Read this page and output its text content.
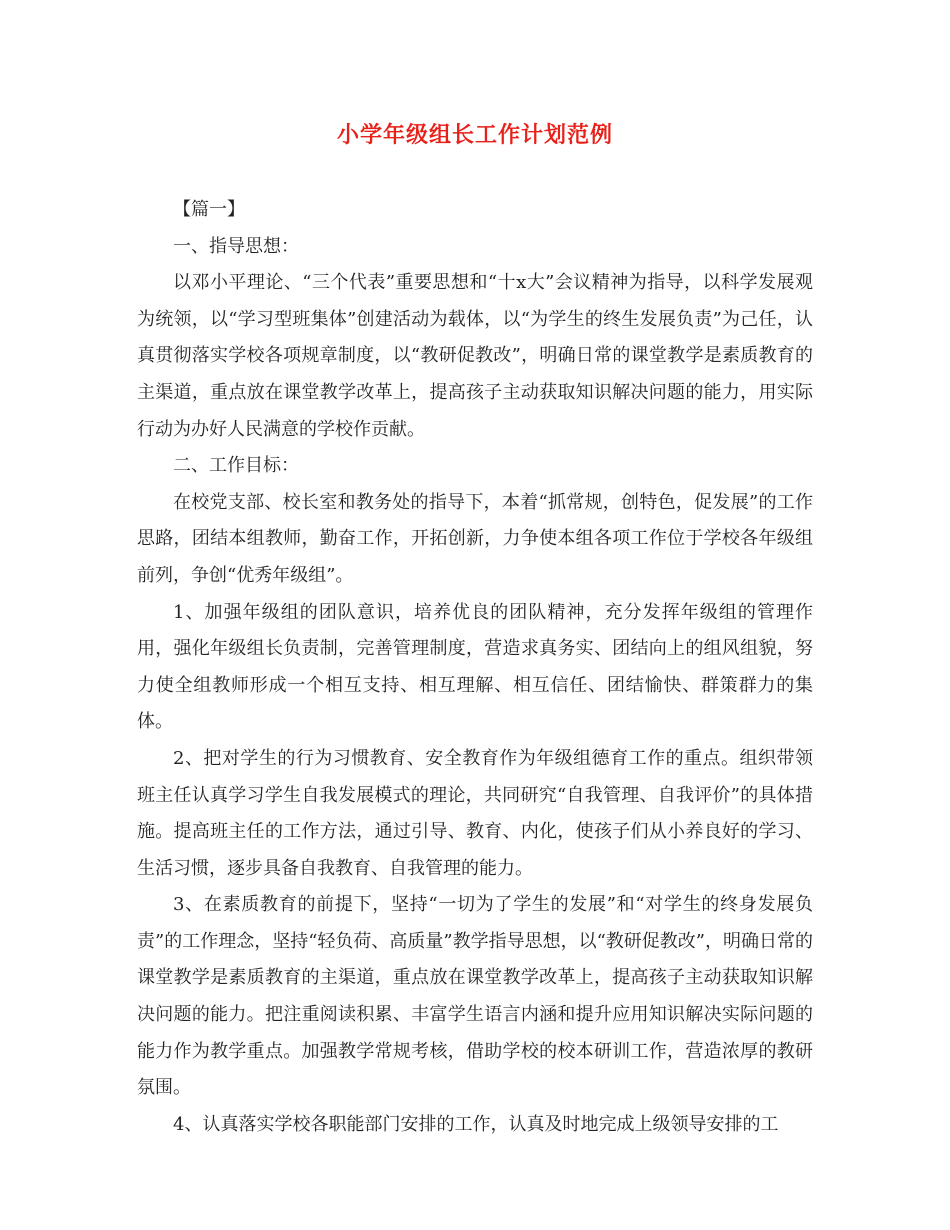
小学年级组长工作计划范例

【篇一】

一、指导思想：

以邓小平理论、“三个代表”重要思想和“十x大”会议精神为指导，以科学发展观为统领，以“学习型班集体”创建活动为载体，以“为学生的终生发展负责”为己任，认真贯彻落实学校各项规章制度，以“教研促教改”，明确日常的课堂教学是素质教育的主渠道，重点放在课堂教学改革上，提高孩子主动获取知识解决问题的能力，用实际行动为办好人民满意的学校作贡献。

二、工作目标：

在校党支部、校长室和教务处的指导下，本着“抓常规，创特色，促发展”的工作思路，团结本组教师，勤奋工作，开拓创新，力争使本组各项工作位于学校各年级组前列，争创“优秀年级组”。

1、加强年级组的团队意识，培养优良的团队精神，充分发挥年级组的管理作用，强化年级组长负责制，完善管理制度，营造求真务实、团结向上的组风组貌，努力使全组教师形成一个相互支持、相互理解、相互信任、团结愉快、群策群力的集体。

2、把对学生的行为习惯教育、安全教育作为年级组德育工作的重点。组织带领班主任认真学习学生自我发展模式的理论，共同研究“自我管理、自我评价”的具体措施。提高班主任的工作方法，通过引导、教育、内化，使孩子们从小养良好的学习、生活习惯，逐步具备自我教育、自我管理的能力。

3、在素质教育的前提下，坚持“一切为了学生的发展”和“对学生的终身发展负责”的工作理念，坚持“轻负荷、高质量”教学指导思想，以“教研促教改”，明确日常的课堂教学是素质教育的主渠道，重点放在课堂教学改革上，提高孩子主动获取知识解决问题的能力。把注重阅读积累、丰富学生语言内涵和提升应用知识解决实际问题的能力作为教学重点。加强教学常规考核，借助学校的校本研训工作，营造浓厚的教研氛围。

4、认真落实学校各职能部门安排的工作，认真及时地完成上级领导安排的工
